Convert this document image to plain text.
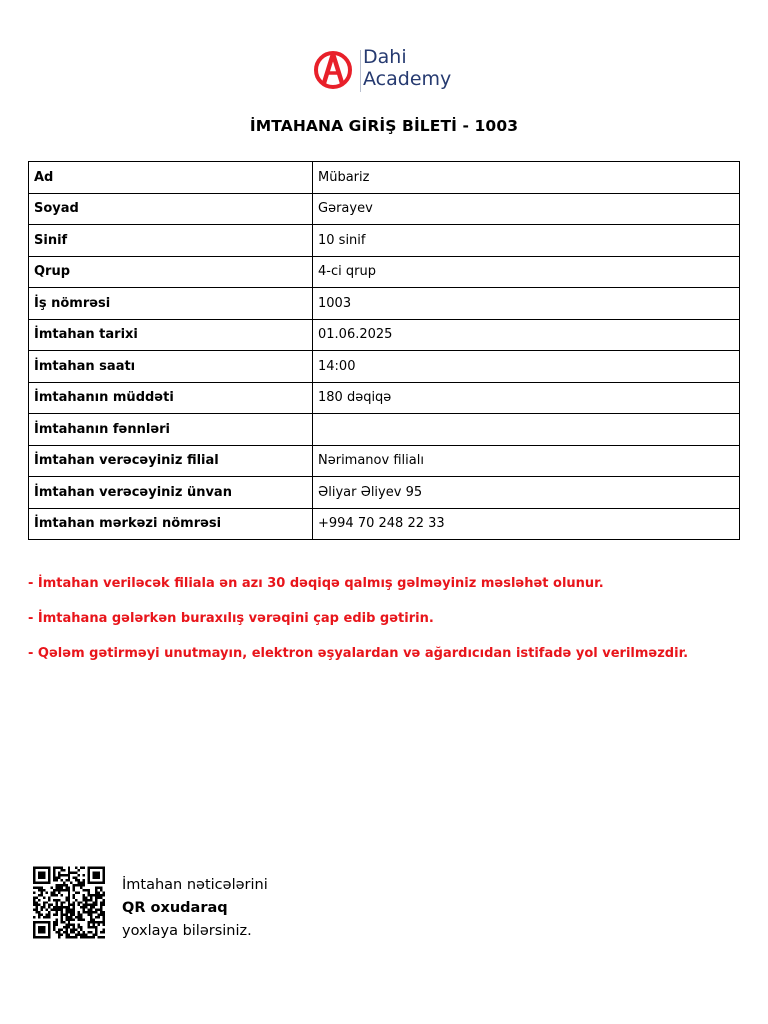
Dahi
Academy
İMTAHANA GİRİŞ BİLETİ - 1003
Ad	Mübariz
Soyad	Gərayev
Sinif	10 sinif
Qrup	4-ci qrup
İş nömrəsi	1003
İmtahan tarixi	01.06.2025
İmtahan saatı	14:00
İmtahanın müddəti	180 dəqiqə
İmtahanın fənnləri	
İmtahan verəcəyiniz filial	Nərimanov filialı
İmtahan verəcəyiniz ünvan	Əliyar Əliyev 95
İmtahan mərkəzi nömrəsi	+994 70 248 22 33

- İmtahan veriləcək filiala ən azı 30 dəqiqə qalmış gəlməyiniz məsləhət olunur.

- İmtahana gələrkən buraxılış vərəqini çap edib gətirin.

- Qələm gətirməyi unutmayın, elektron əşyalardan və ağardıcıdan istifadə yol verilməzdir.

İmtahan nəticələrini
QR oxudaraq
yoxlaya bilərsiniz.
